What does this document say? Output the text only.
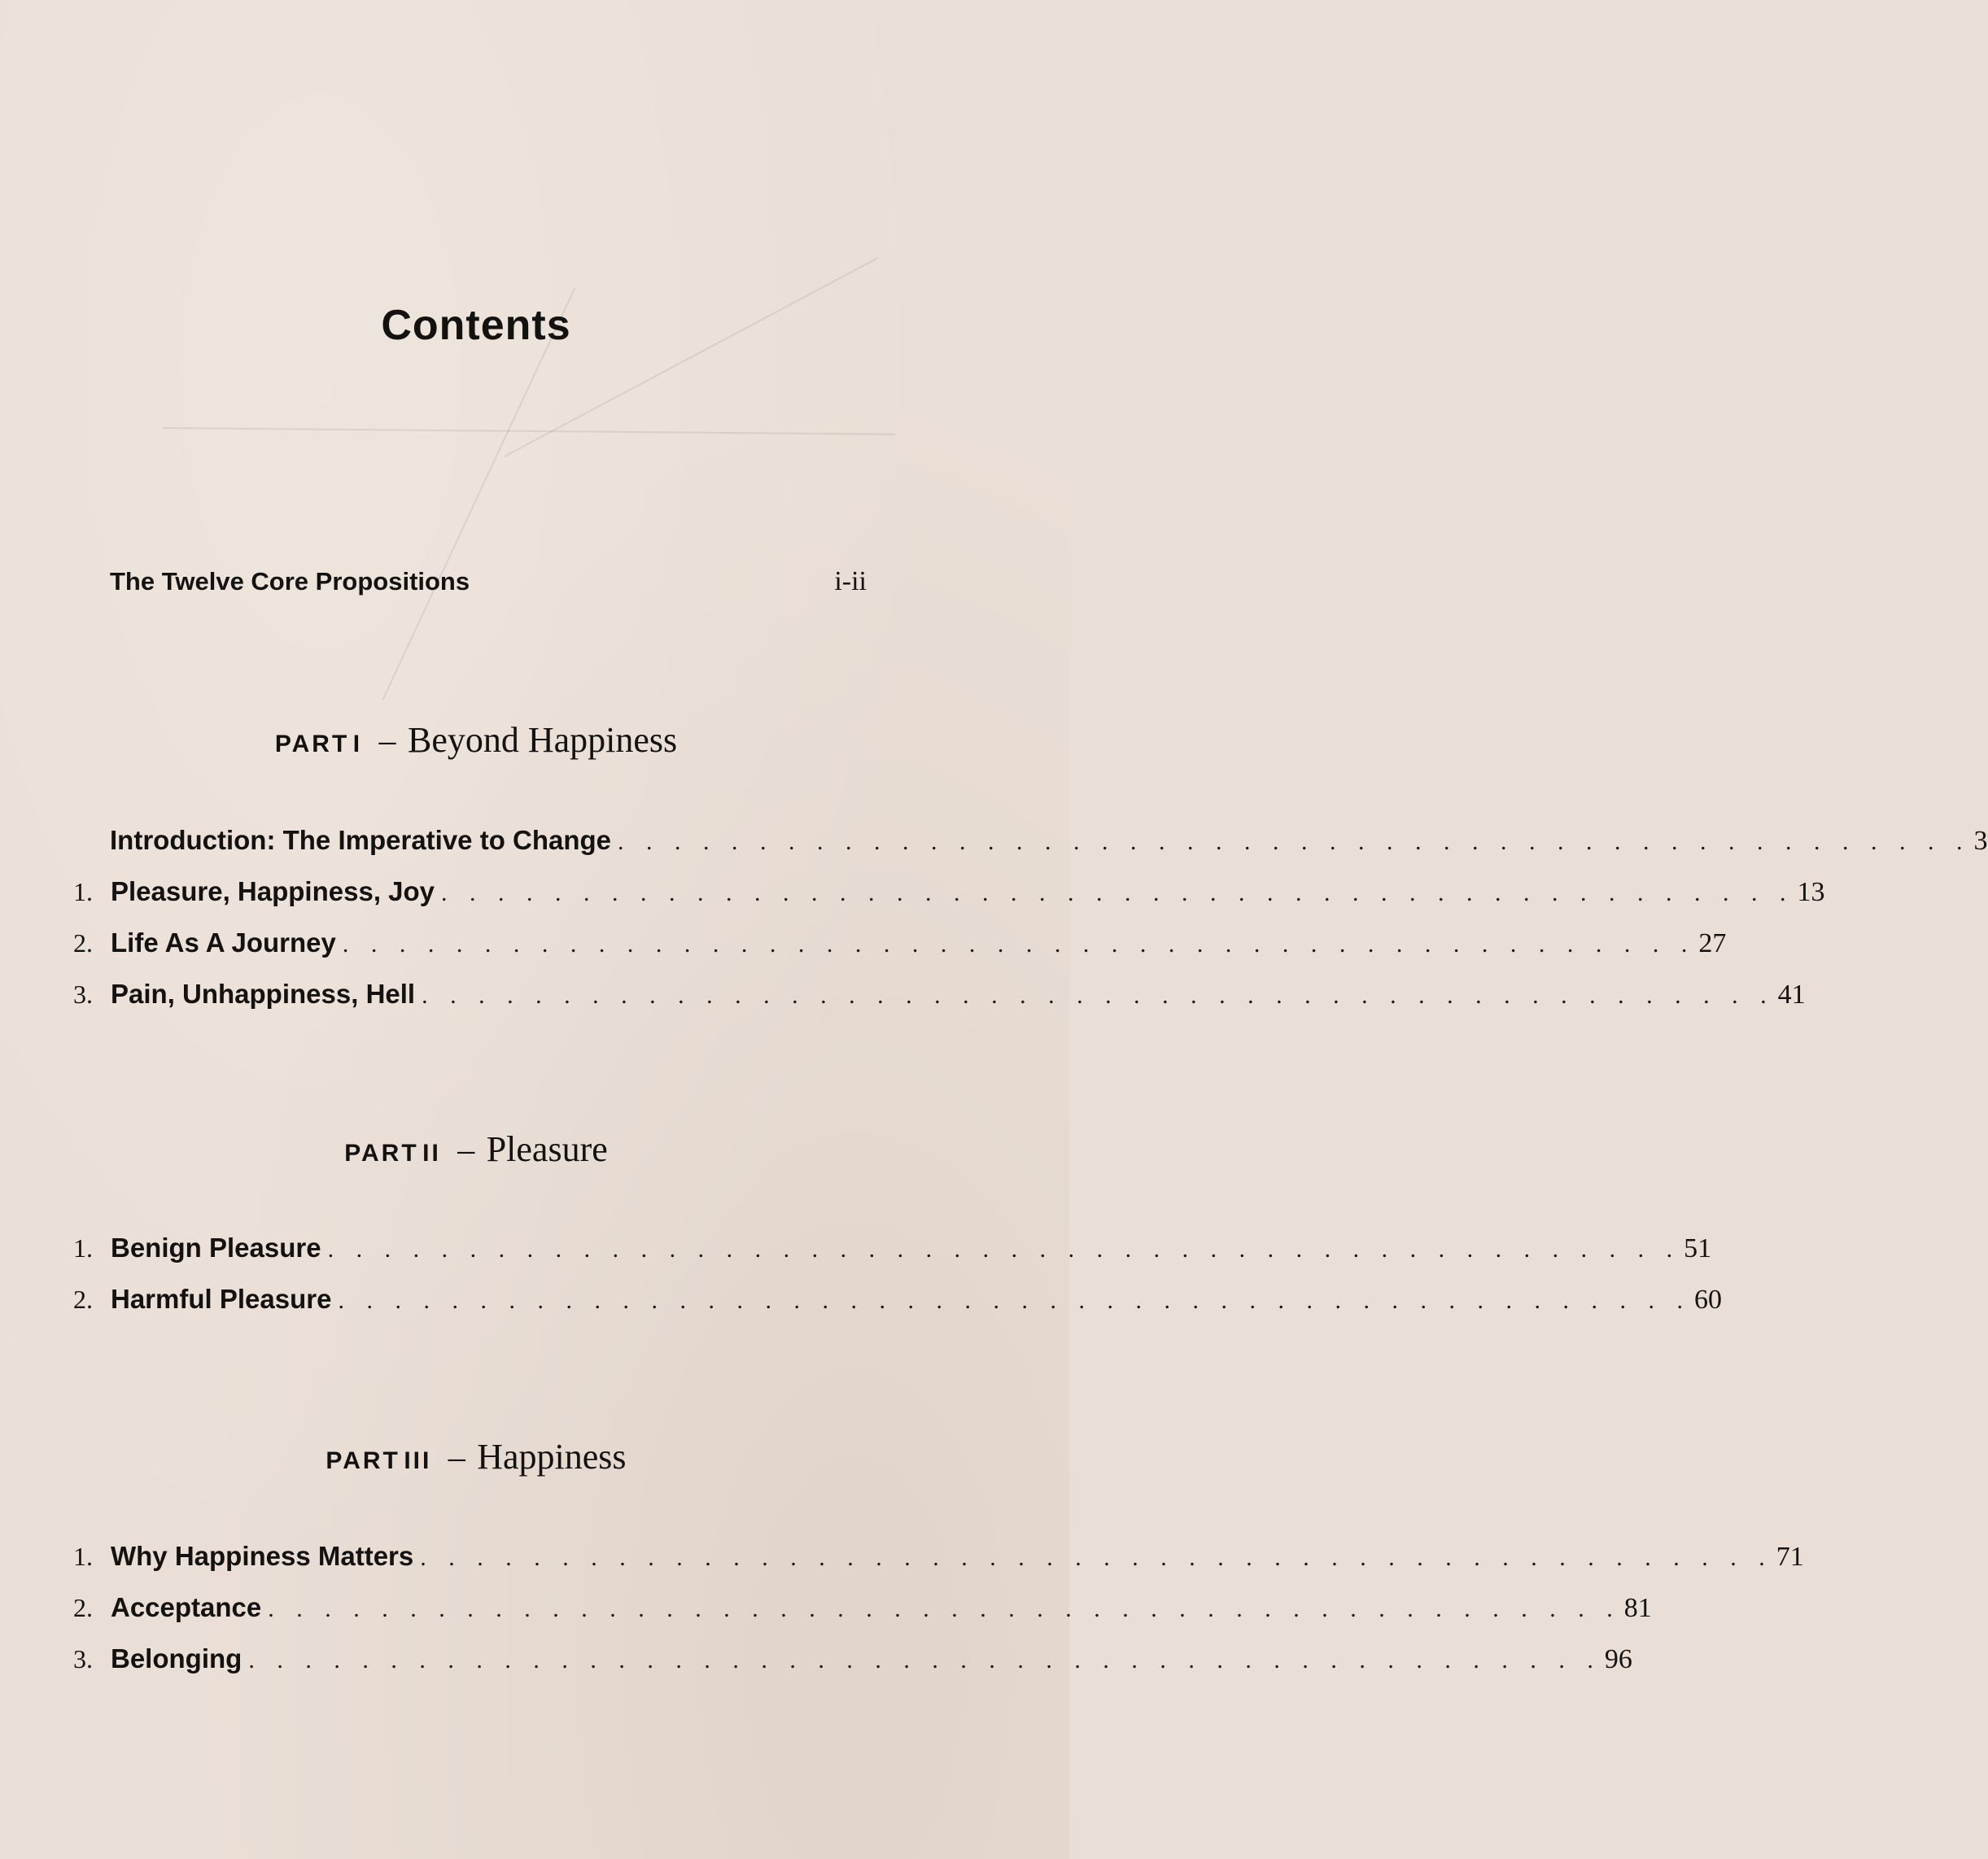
Contents
The Twelve Core Propositions	i-ii
PART I – Beyond Happiness
Introduction: The Imperative to Change . . . . . . . . . . . . . . . . . . . . . . . . . . . . . . . . . . . . . . . . . . . . . . . . 3
1. Pleasure, Happiness, Joy . . . . . . . . . . . . . . . . . . . . . . . . . . . . . . . . . . . . . . . . . . . . . . . . 13
2. Life As A Journey . . . . . . . . . . . . . . . . . . . . . . . . . . . . . . . . . . . . . . . . . . . . . . . . 27
3. Pain, Unhappiness, Hell . . . . . . . . . . . . . . . . . . . . . . . . . . . . . . . . . . . . . . . . . . . . . . . . 41
PART II – Pleasure
1. Benign Pleasure . . . . . . . . . . . . . . . . . . . . . . . . . . . . . . . . . . . . . . . . . . . . . . . . 51
2. Harmful Pleasure . . . . . . . . . . . . . . . . . . . . . . . . . . . . . . . . . . . . . . . . . . . . . . . . 60
PART III – Happiness
1. Why Happiness Matters . . . . . . . . . . . . . . . . . . . . . . . . . . . . . . . . . . . . . . . . . . . . . . . . 71
2. Acceptance . . . . . . . . . . . . . . . . . . . . . . . . . . . . . . . . . . . . . . . . . . . . . . . . 81
3. Belonging . . . . . . . . . . . . . . . . . . . . . . . . . . . . . . . . . . . . . . . . . . . . . . . . 96
